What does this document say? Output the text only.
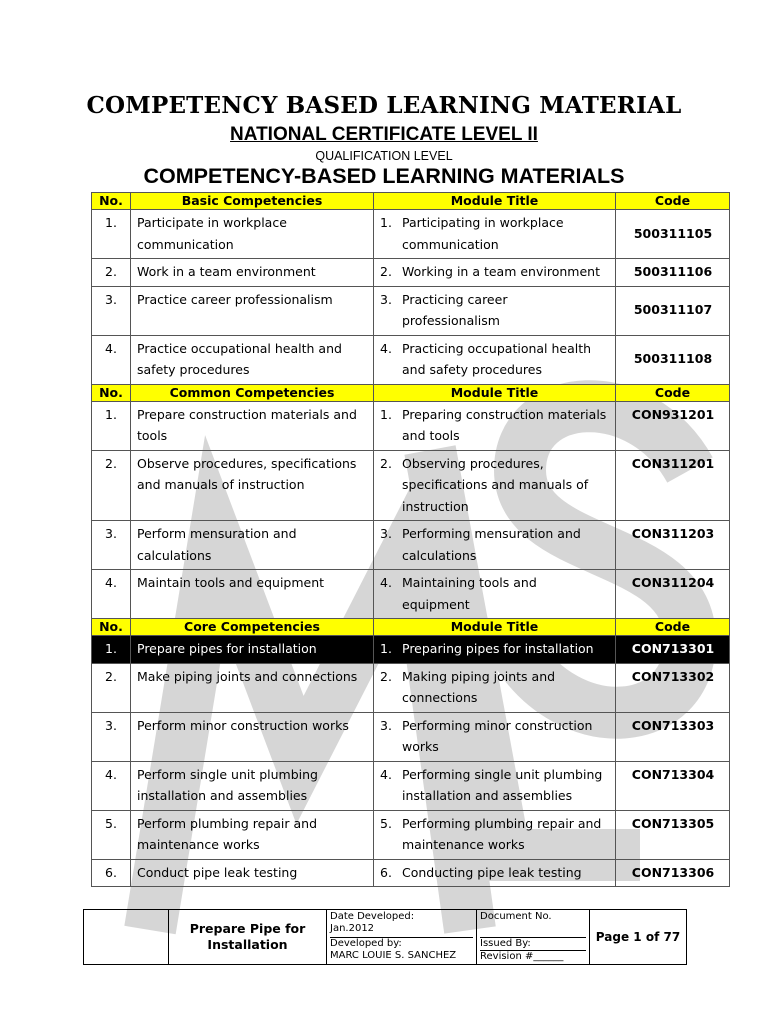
COMPETENCY BASED LEARNING MATERIAL
NATIONAL CERTIFICATE LEVEL II
QUALIFICATION LEVEL
COMPETENCY-BASED LEARNING MATERIALS
No.	Basic Competencies	Module Title	Code
1.	Participate in workplace communication	1. Participating in workplace communication	500311105
2.	Work in a team environment	2. Working in a team environment	500311106
3.	Practice career professionalism	3. Practicing career professionalism	500311107
4.	Practice occupational health and safety procedures	4. Practicing occupational health and safety procedures	500311108
No.	Common Competencies	Module Title	Code
1.	Prepare construction materials and tools	1. Preparing construction materials and tools	CON931201
2.	Observe procedures, specifications and manuals of instruction	2. Observing procedures, specifications and manuals of instruction	CON311201
3.	Perform mensuration and calculations	3. Performing mensuration and calculations	CON311203
4.	Maintain tools and equipment	4. Maintaining tools and equipment	CON311204
No.	Core Competencies	Module Title	Code
1.	Prepare pipes for installation	1. Preparing pipes for installation	CON713301
2.	Make piping joints and connections	2. Making piping joints and connections	CON713302
3.	Perform minor construction works	3. Performing minor construction works	CON713303
4.	Perform single unit plumbing installation and assemblies	4. Performing single unit plumbing installation and assemblies	CON713304
5.	Perform plumbing repair and maintenance works	5. Performing plumbing repair and maintenance works	CON713305
6.	Conduct pipe leak testing	6. Conducting pipe leak testing	CON713306
	Prepare Pipe for Installation	
Date Developed:
Jan.2012
Developed by:
MARC LOUIE S. SANCHEZ

Document No.
Issued By:
Revision #______
	Page 1 of 77
